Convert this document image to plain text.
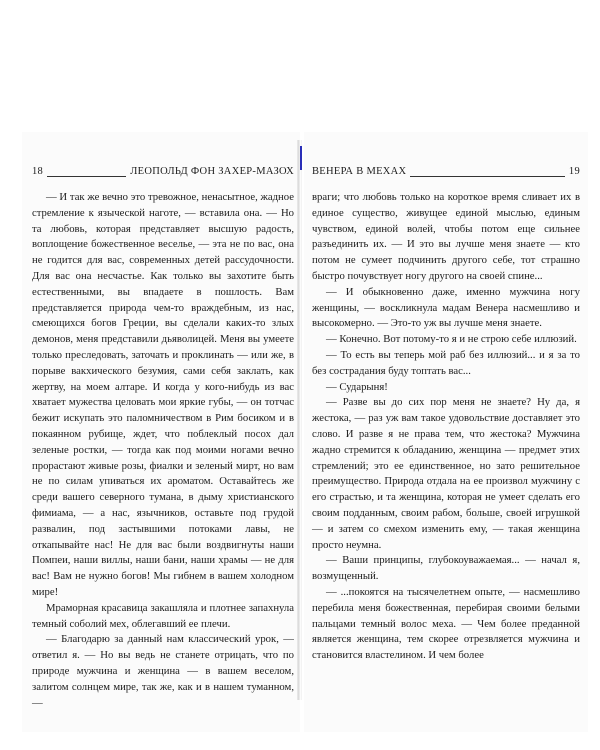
18	ЛЕОПОЛЬД ФОН ЗАХЕР-МАЗОХ

— И так же вечно это тревожное, ненасытное, жадное стремление к языческой наготе, — вставила она. — Но та любовь, которая представляет высшую радость, воплощение божественное веселье, — эта не по вас, она не годится для вас, современных детей рассудочности. Для вас она несчастье. Как только вы захотите быть естественными, вы впадаете в пошлость. Вам представляется природа чем-то враждебным, из нас, смеющихся богов Греции, вы сделали каких-то злых демонов, меня представили дьяволицей. Меня вы умеете только преследовать, заточать и проклинать — или же, в порыве вакхического безумия, сами себя заклать, как жертву, на моем алтаре. И когда у кого-нибудь из вас хватает мужества целовать мои яркие губы, — он тотчас бежит искупать это паломничеством в Рим босиком и в покаянном рубище, ждет, что поблеклый посох дал зеленые ростки, — тогда как под моими ногами вечно прорастают живые розы, фиалки и зеленый мирт, но вам не по силам упиваться их ароматом. Оставайтесь же среди вашего северного тумана, в дыму христианского фимиама, — а нас, язычников, оставьте под грудой развалин, под застывшими потоками лавы, не откапывайте нас! Не для вас были воздвигнуты наши Помпеи, наши виллы, наши бани, наши храмы — не для вас! Вам не нужно богов! Мы гибнем в вашем холодном мире!

Мраморная красавица закашляла и плотнее запахнула темный соболий мех, облегавший ее плечи.

— Благодарю за данный нам классический урок, — ответил я. — Но вы ведь не станете отрицать, что по природе мужчина и женщина — в вашем веселом, залитом солнцем мире, так же, как и в нашем туманном, —

ВЕНЕРА В МЕХАХ	19

враги; что любовь только на короткое время сливает их в единое существо, живущее единой мыслью, единым чувством, единой волей, чтобы потом еще сильнее разъединить их. — И это вы лучше меня знаете — кто потом не сумеет подчинить другого себе, тот страшно быстро почувствует ногу другого на своей спине...

— И обыкновенно даже, именно мужчина ногу женщины, — воскликнула мадам Венера насмешливо и высокомерно. — Это-то уж вы лучше меня знаете.

— Конечно. Вот потому-то я и не строю себе иллюзий.

— То есть вы теперь мой раб без иллюзий... и я за то без сострадания буду топтать вас...

— Сударыня!

— Разве вы до сих пор меня не знаете? Ну да, я жестока, — раз уж вам такое удовольствие доставляет это слово. И разве я не права тем, что жестока? Мужчина жадно стремится к обладанию, женщина — предмет этих стремлений; это ее единственное, но зато решительное преимущество. Природа отдала на ее произвол мужчину с его страстью, и та женщина, которая не умеет сделать его своим подданным, своим рабом, больше, своей игрушкой — и затем со смехом изменить ему, — такая женщина просто неумна.

— Ваши принципы, глубокоуважаемая... — начал я, возмущенный.

— ...покоятся на тысячелетнем опыте, — насмешливо перебила меня божественная, перебирая своими белыми пальцами темный волос меха. — Чем более преданной является женщина, тем скорее отрезвляется мужчина и становится властелином. И чем более
